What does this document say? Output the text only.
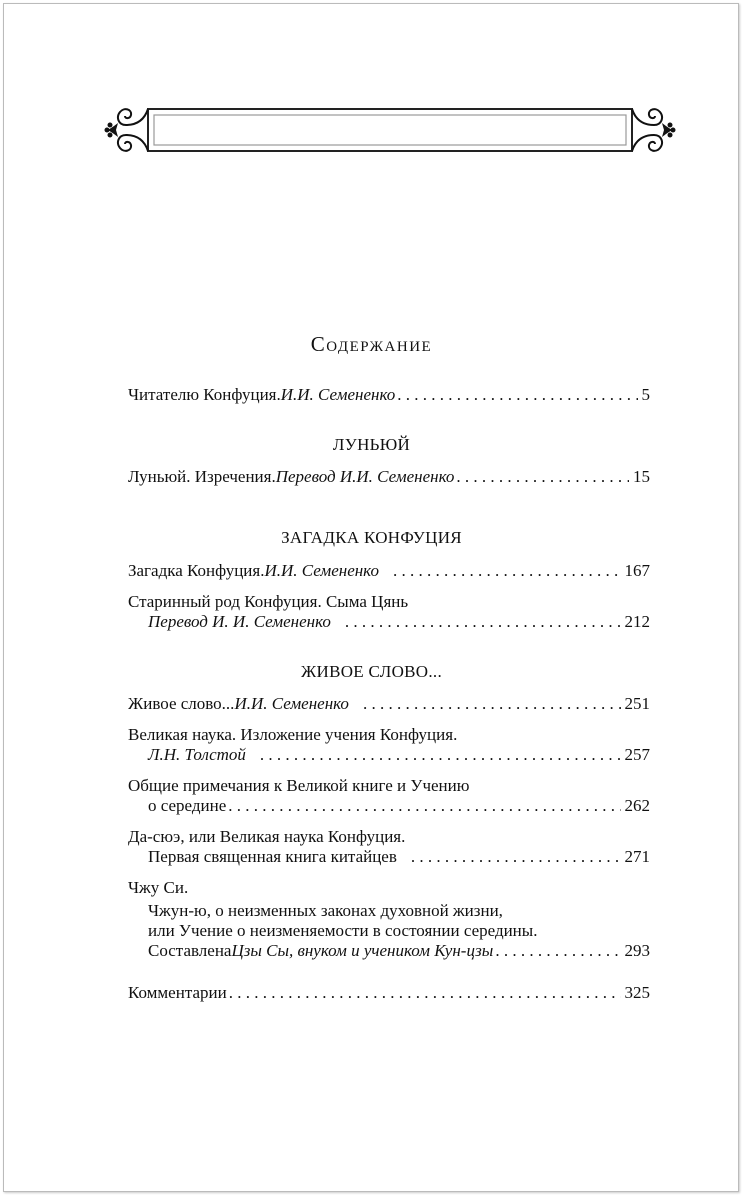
Содержание
Читателю Конфуция. И.И. Семененко . . .	5
ЛУНЬЮЙ
Луньюй. Изречения. Перевод И.И. Семененко . . .	15
ЗАГАДКА КОНФУЦИЯ
Загадка Конфуция. И.И. Семененко . . .	167
Старинный род Конфуция. Сыма Цянь
Перевод И. И. Семененко . . .	212
ЖИВОЕ СЛОВО...
Живое слово... И.И. Семененко . . .	251
Великая наука. Изложение учения Конфуция.
Л.Н. Толстой . . .	257
Общие примечания к Великой книге и Учению
о середине . . .	262
Да-сюэ, или Великая наука Конфуция.
Первая священная книга китайцев . . .	271
Чжу Си.
Чжун-ю, о неизменных законах духовной жизни,
или Учение о неизменяемости в состоянии середины.
Составлена Цзы Сы, внуком и учеником Кун-цзы . . .	293
Комментарии . . .	325
